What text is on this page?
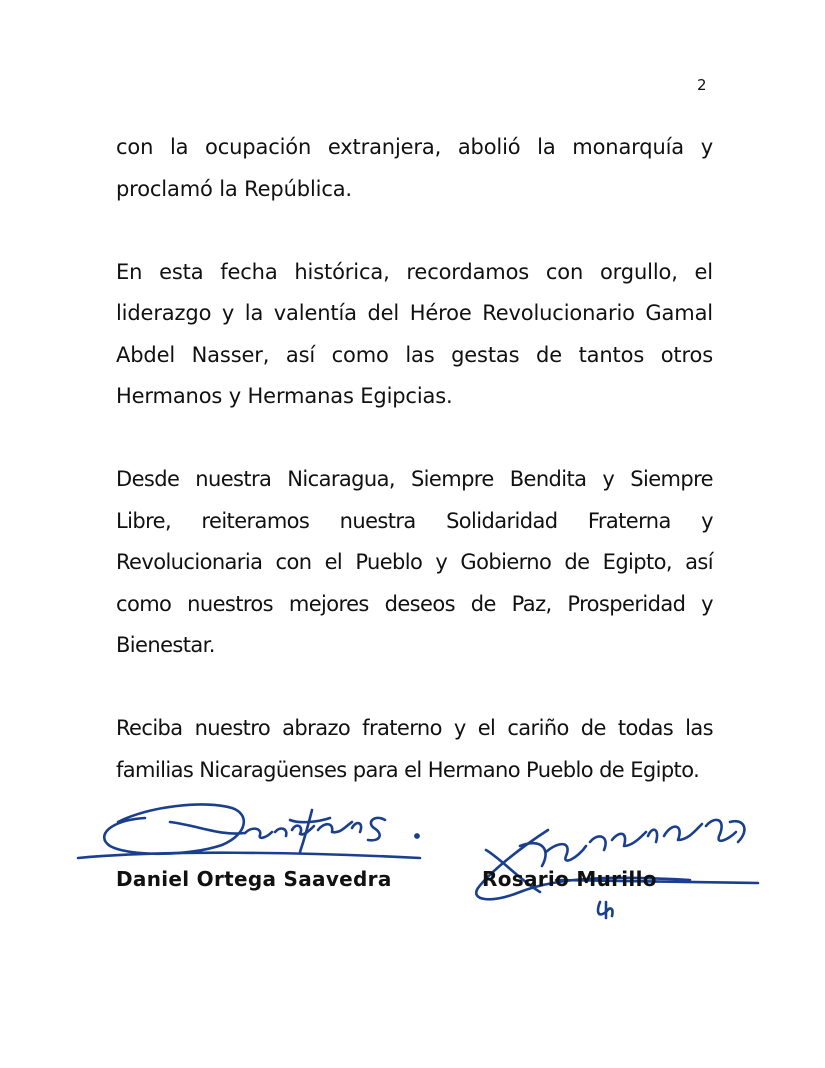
2

con la ocupación extranjera, abolió la monarquía y proclamó la República.

En esta fecha histórica, recordamos con orgullo, el liderazgo y la valentía del Héroe Revolucionario Gamal Abdel Nasser, así como las gestas de tantos otros Hermanos y Hermanas Egipcias.

Desde nuestra Nicaragua, Siempre Bendita y Siempre Libre, reiteramos nuestra Solidaridad Fraterna y Revolucionaria con el Pueblo y Gobierno de Egipto, así como nuestros mejores deseos de Paz, Prosperidad y Bienestar.

Reciba nuestro abrazo fraterno y el cariño de todas las familias Nicaragüenses para el Hermano Pueblo de Egipto.

Daniel Ortega Saavedra	Rosario Murillo
